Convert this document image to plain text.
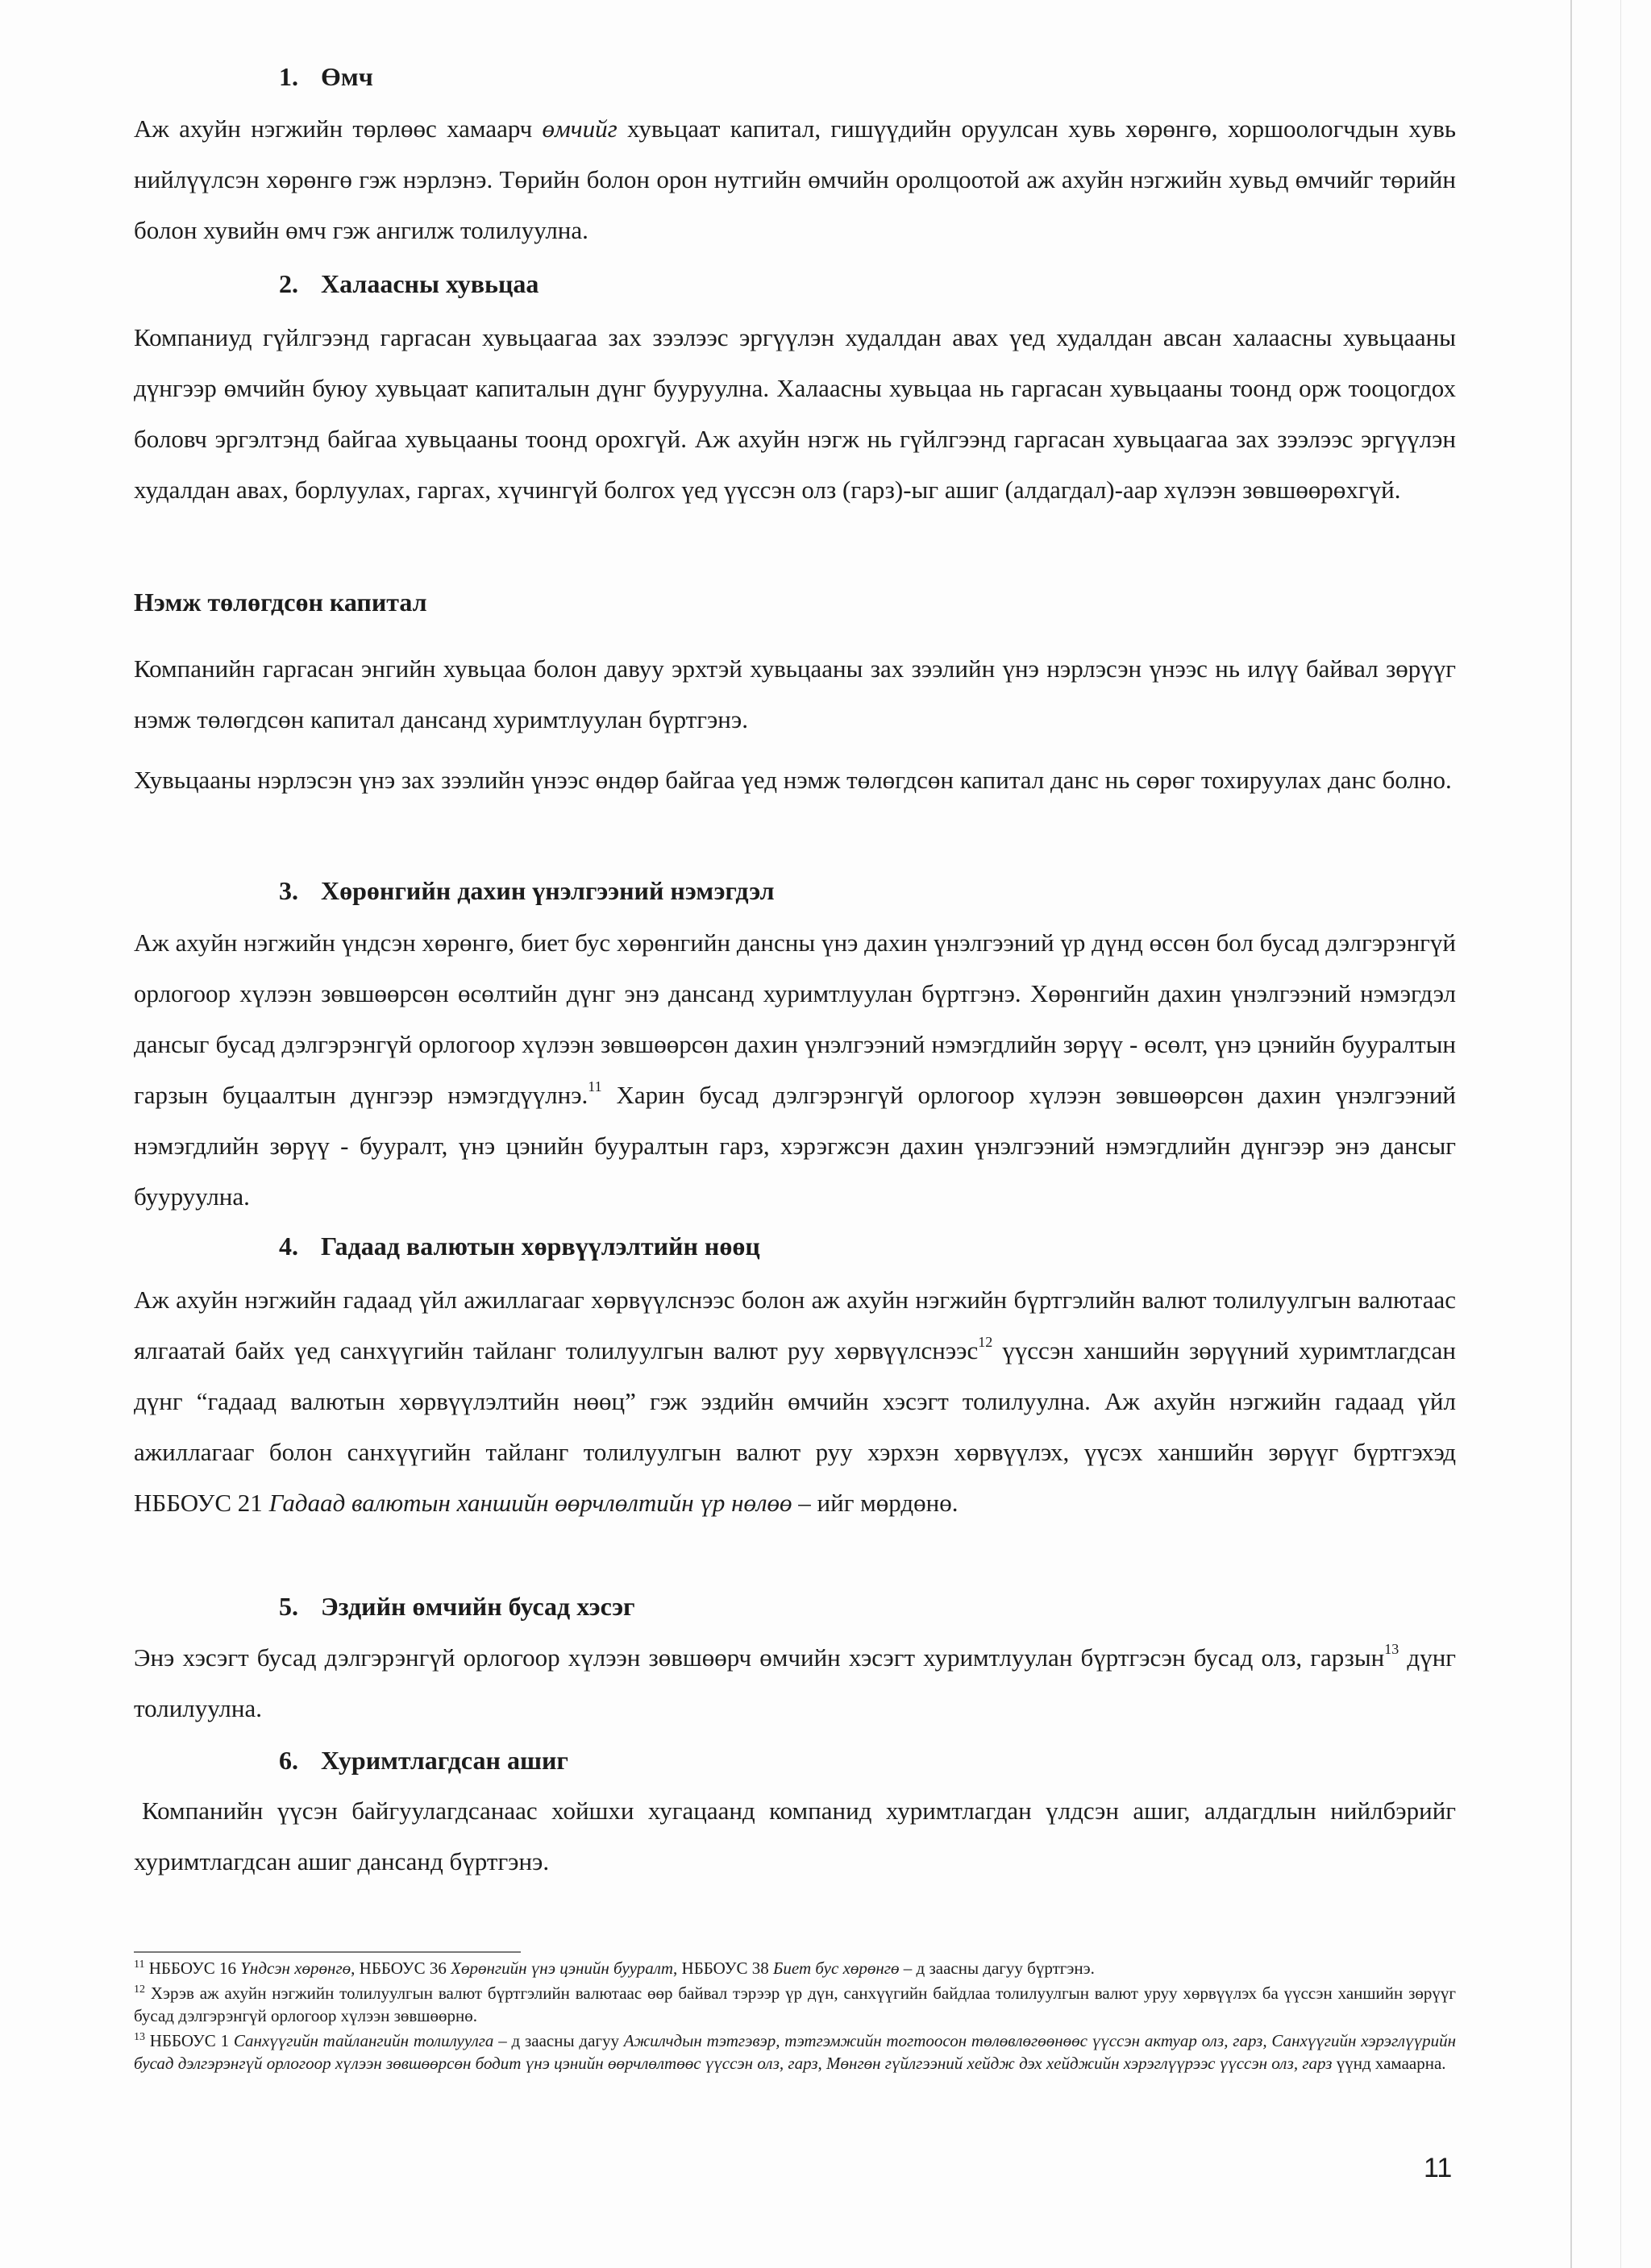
1. Өмч
Аж ахуйн нэгжийн төрлөөс хамаарч өмчийг хувьцаат капитал, гишүүдийн оруулсан хувь хөрөнгө, хоршоологчдын хувь нийлүүлсэн хөрөнгө гэж нэрлэнэ. Төрийн болон орон нутгийн өмчийн оролцоотой аж ахуйн нэгжийн хувьд өмчийг төрийн болон хувийн өмч гэж ангилж толилуулна.
2. Халаасны хувьцаа
Компаниуд гүйлгээнд гаргасан хувьцаагаа зах зээлээс эргүүлэн худалдан авах үед худалдан авсан халаасны хувьцааны дүнгээр өмчийн буюу хувьцаат капиталын дүнг бууруулна. Халаасны хувьцаа нь гаргасан хувьцааны тоонд орж тооцогдох боловч эргэлтэнд байгаа хувьцааны тоонд орохгүй. Аж ахуйн нэгж нь гүйлгээнд гаргасан хувьцаагаа зах зээлээс эргүүлэн худалдан авах, борлуулах, гаргах, хүчингүй болгох үед үүссэн олз (гарз)-ыг ашиг (алдагдал)-аар хүлээн зөвшөөрөхгүй.
Нэмж төлөгдсөн капитал
Компанийн гаргасан энгийн хувьцаа болон давуу эрхтэй хувьцааны зах зээлийн үнэ нэрлэсэн үнээс нь илүү байвал зөрүүг нэмж төлөгдсөн капитал дансанд хуримтлуулан бүртгэнэ.
Хувьцааны нэрлэсэн үнэ зах зээлийн үнээс өндөр байгаа үед нэмж төлөгдсөн капитал данс нь сөрөг тохируулах данс болно.
3. Хөрөнгийн дахин үнэлгээний нэмэгдэл
Аж ахуйн нэгжийн үндсэн хөрөнгө, биет бус хөрөнгийн дансны үнэ дахин үнэлгээний үр дүнд өссөн бол бусад дэлгэрэнгүй орлогоор хүлээн зөвшөөрсөн өсөлтийн дүнг энэ дансанд хуримтлуулан бүртгэнэ. Хөрөнгийн дахин үнэлгээний нэмэгдэл дансыг бусад дэлгэрэнгүй орлогоор хүлээн зөвшөөрсөн дахин үнэлгээний нэмэгдлийн зөрүү - өсөлт, үнэ цэнийн бууралтын гарзын буцаалтын дүнгээр нэмэгдүүлнэ.$^{11}$ Харин бусад дэлгэрэнгүй орлогоор хүлээн зөвшөөрсөн дахин үнэлгээний нэмэгдлийн зөрүү - бууралт, үнэ цэнийн бууралтын гарз, хэрэгжсэн дахин үнэлгээний нэмэгдлийн дүнгээр энэ дансыг бууруулна.
4. Гадаад валютын хөрвүүлэлтийн нөөц
Аж ахуйн нэгжийн гадаад үйл ажиллагааг хөрвүүлснээс болон аж ахуйн нэгжийн бүртгэлийн валют толилуулгын валютаас ялгаатай байх үед санхүүгийн тайланг толилуулгын валют руу хөрвүүлснээс$^{12}$ үүссэн ханшийн зөрүүний хуримтлагдсан дүнг “гадаад валютын хөрвүүлэлтийн нөөц” гэж эздийн өмчийн хэсэгт толилуулна. Аж ахуйн нэгжийн гадаад үйл ажиллагааг болон санхүүгийн тайланг толилуулгын валют руу хэрхэн хөрвүүлэх, үүсэх ханшийн зөрүүг бүртгэхэд НББОУС 21 Гадаад валютын ханшийн өөрчлөлтийн үр нөлөө – ийг мөрдөнө.
5. Эздийн өмчийн бусад хэсэг
Энэ хэсэгт бусад дэлгэрэнгүй орлогоор хүлээн зөвшөөрч өмчийн хэсэгт хуримтлуулан бүртгэсэн бусад олз, гарзын$^{13}$ дүнг толилуулна.
6. Хуримтлагдсан ашиг
Компанийн үүсэн байгуулагдсанаас хойшхи хугацаанд компанид хуримтлагдан үлдсэн ашиг, алдагдлын нийлбэрийг хуримтлагдсан ашиг дансанд бүртгэнэ.

$^{11}$ НББОУС 16 Үндсэн хөрөнгө, НББОУС 36 Хөрөнгийн үнэ цэнийн бууралт, НББОУС 38 Биет бус хөрөнгө – д заасны дагуу бүртгэнэ.

$^{12}$ Хэрэв аж ахуйн нэгжийн толилуулгын валют бүртгэлийн валютаас өөр байвал тэрээр үр дүн, санхүүгийн байдлаа толилуулгын валют уруу хөрвүүлэх ба үүссэн ханшийн зөрүүг бусад дэлгэрэнгүй орлогоор хүлээн зөвшөөрнө.

$^{13}$ НББОУС 1 Санхүүгийн тайлангийн толилуулга – д заасны дагуу Ажилчдын тэтгэвэр, тэтгэмжийн тогтоосон төлөвлөгөөнөөс үүссэн актуар олз, гарз, Санхүүгийн хэрэглүүрийн бусад дэлгэрэнгүй орлогоор хүлээн зөвшөөрсөн бодит үнэ цэнийн өөрчлөлтөөс үүссэн олз, гарз, Мөнгөн гүйлгээний хейдж дэх хейджийн хэрэглүүрээс үүссэн олз, гарз үүнд хамаарна.

11
